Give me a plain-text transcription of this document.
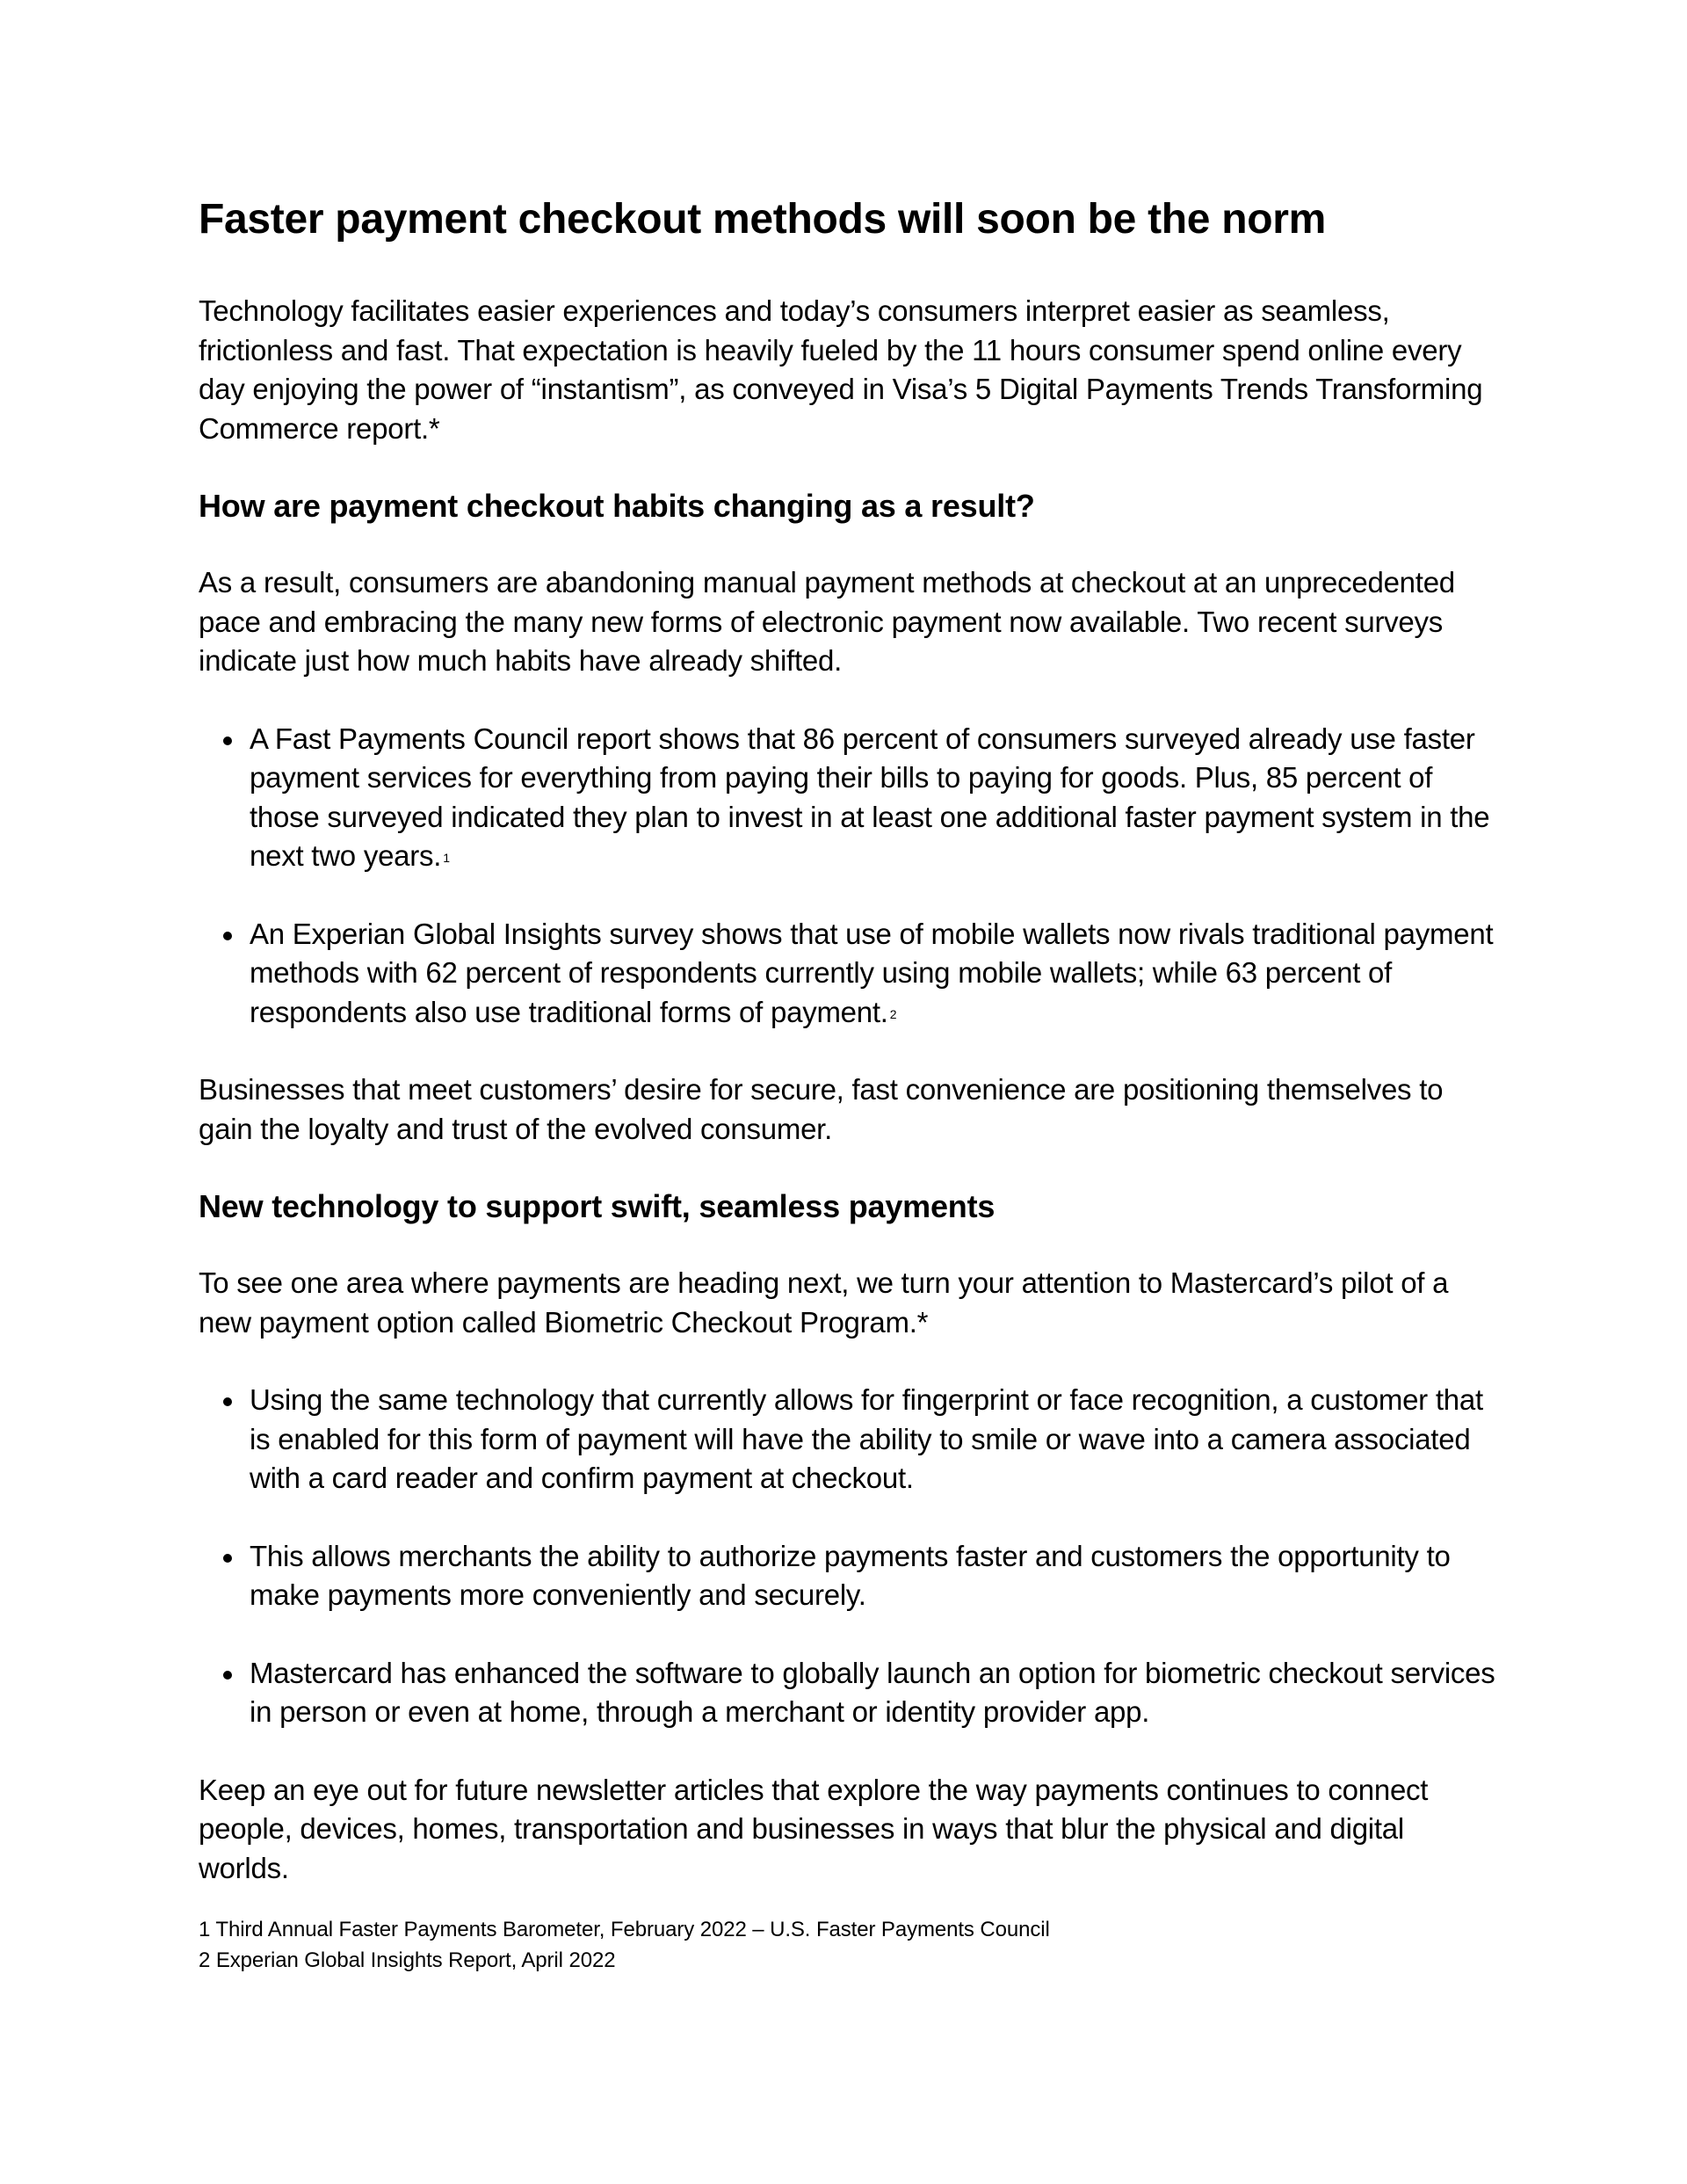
Faster payment checkout methods will soon be the norm

Technology facilitates easier experiences and today’s consumers interpret easier as seamless, frictionless and fast. That expectation is heavily fueled by the 11 hours consumer spend online every day enjoying the power of “instantism”, as conveyed in Visa’s 5 Digital Payments Trends Transforming Commerce report.*

How are payment checkout habits changing as a result?

As a result, consumers are abandoning manual payment methods at checkout at an unprecedented pace and embracing the many new forms of electronic payment now available. Two recent surveys indicate just how much habits have already shifted.

A Fast Payments Council report shows that 86 percent of consumers surveyed already use faster payment services for everything from paying their bills to paying for goods. Plus, 85 percent of those surveyed indicated they plan to invest in at least one additional faster payment system in the next two years. $^1$
An Experian Global Insights survey shows that use of mobile wallets now rivals traditional payment methods with 62 percent of respondents currently using mobile wallets; while 63 percent of respondents also use traditional forms of payment. $^2$

Businesses that meet customers’ desire for secure, fast convenience are positioning themselves to gain the loyalty and trust of the evolved consumer.

New technology to support swift, seamless payments

To see one area where payments are heading next, we turn your attention to Mastercard’s pilot of a new payment option called Biometric Checkout Program.*

Using the same technology that currently allows for fingerprint or face recognition, a customer that is enabled for this form of payment will have the ability to smile or wave into a camera associated with a card reader and confirm payment at checkout.
This allows merchants the ability to authorize payments faster and customers the opportunity to make payments more conveniently and securely.
Mastercard has enhanced the software to globally launch an option for biometric checkout services in person or even at home, through a merchant or identity provider app.

Keep an eye out for future newsletter articles that explore the way payments continues to connect people, devices, homes, transportation and businesses in ways that blur the physical and digital worlds.

1 Third Annual Faster Payments Barometer, February 2022 – U.S. Faster Payments Council

2 Experian Global Insights Report, April 2022
